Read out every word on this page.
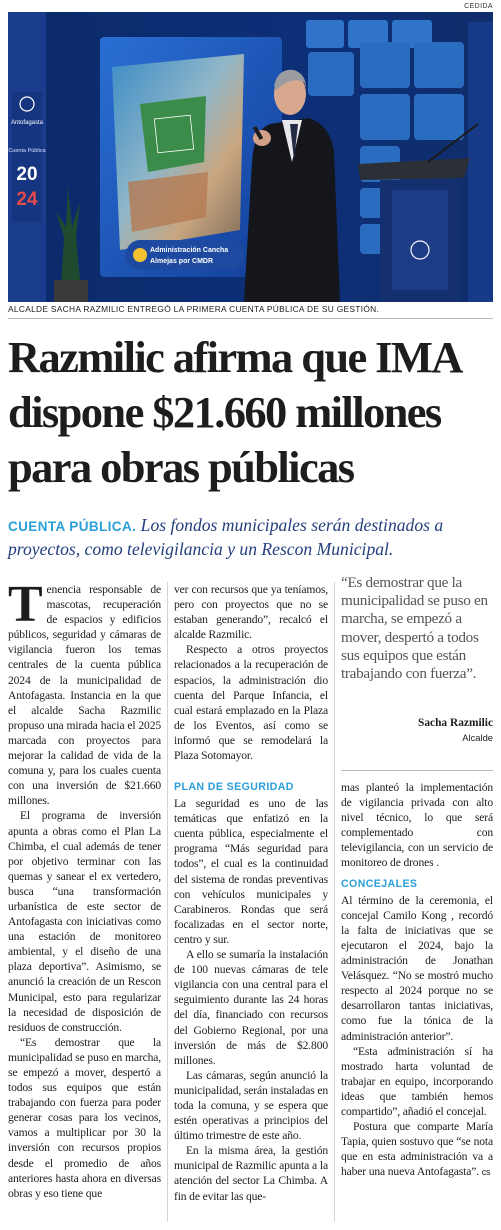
CEDIDA
Antofagasta
Cuenta Pública
20
24
Administración Cancha
Almejas por CMDR
ALCALDE SACHA RAZMILIC ENTREGÓ LA PRIMERA CUENTA PÚBLICA DE SU GESTIÓN.
Razmilic afirma que IMA
dispone $21.660 millones
para obras públicas

CUENTA PÚBLICA. Los fondos municipales serán destinados a proyectos, como televigilancia y un Rescon Municipal.

Tenencia responsable de mascotas, recuperación de espacios y edificios públicos, seguridad y cámaras de vigilancia fueron los temas centrales de la cuenta pública 2024 de la municipalidad de Antofagasta. Instancia en la que el alcalde Sacha Razmilic propuso una mirada hacia el 2025 marcada con proyectos para mejorar la calidad de vida de la comuna y, para los cuales cuenta con una inversión de $21.660 millones.

El programa de inversión apunta a obras como el Plan La Chimba, el cual además de tener por objetivo terminar con las quemas y sanear el ex vertedero, busca “una transformación urbanística de este sector de Antofagasta con iniciativas como una estación de monitoreo ambiental, y el diseño de una plaza deportiva”. Asimismo, se anunció la creación de un Rescon Municipal, esto para regularizar la necesidad de disposición de residuos de construcción.

“Es demostrar que la municipalidad se puso en marcha, se empezó a mover, despertó a todos sus equipos que están trabajando con fuerza para poder generar cosas para los vecinos, vamos a multiplicar por 30 la inversión con recursos propios desde el promedio de años anteriores hasta ahora en diversas obras y eso tiene que

ver con recursos que ya teníamos, pero con proyectos que no se estaban generando”, recalcó el alcalde Razmilic.

Respecto a otros proyectos relacionados a la recuperación de espacios, la administración dio cuenta del Parque Infancia, el cual estará emplazado en la Plaza de los Eventos, así como se informó que se remodelará la Plaza Sotomayor.

“Es demostrar que la municipalidad se puso en marcha, se empezó a mover, despertó a todos sus equipos que están trabajando con fuerza”.
Sacha Razmilic
Alcalde

PLAN DE SEGURIDAD

La seguridad es uno de las temáticas que enfatizó en la cuenta pública, especialmente el programa “Más seguridad para todos”, el cual es la continuidad del sistema de rondas preventivas con vehículos municipales y Carabineros. Rondas que será focalizadas en el sector norte, centro y sur.

A ello se sumaría la instalación de 100 nuevas cámaras de tele vigilancia con una central para el seguimiento durante las 24 horas del día, financiado con recursos del Gobierno Regional, por una inversión de más de $2.800 millones.

Las cámaras, según anunció la municipalidad, serán instaladas en toda la comuna, y se espera que estén operativas a principios del último trimestre de este año.

En la misma área, la gestión municipal de Razmilic apunta a la atención del sector La Chimba. A fin de evitar las que-

mas planteó la implementación de vigilancia privada con alto nivel técnico, lo que será complementado con televigilancia, con un servicio de monitoreo de drones .

CONCEJALES

Al término de la ceremonia, el concejal Camilo Kong , recordó la falta de iniciativas que se ejecutaron el 2024, bajo la administración de Jonathan Velásquez. “No se mostró mucho respecto al 2024 porque no se desarrollaron tantas iniciativas, como fue la tónica de la administración anterior”.

“Esta administración sí ha mostrado harta voluntad de trabajar en equipo, incorporando ideas que también hemos compartido”, añadió el concejal.

Postura que comparte María Tapia, quien sostuvo que “se nota que en esta administración va a haber una nueva Antofagasta”. cs
